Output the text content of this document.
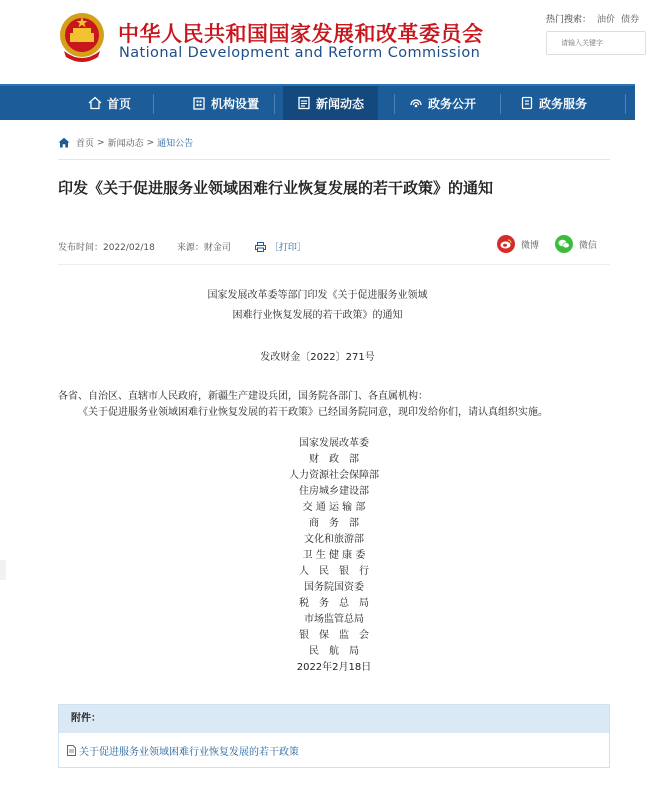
中华人民共和国国家发展和改革委员会
National Development and Reform Commission
热门搜索： 油价 债券
请输入关键字
首页	机构设置	新闻动态	政务公开	政务服务
首页 > 新闻动态 > 通知公告
印发《关于促进服务业领域困难行业恢复发展的若干政策》的通知
发布时间：2022/02/18 来源：财金司	［打印］	微博	微信
国家发展改革委等部门印发《关于促进服务业领域
困难行业恢复发展的若干政策》的通知
发改财金〔2022〕271号
各省、自治区、直辖市人民政府，新疆生产建设兵团，国务院各部门、各直属机构：
《关于促进服务业领域困难行业恢复发展的若干政策》已经国务院同意，现印发给你们，请认真组织实施。
国家发展改革委
财　政　部
人力资源社会保障部
住房城乡建设部
交 通 运 输 部
商　务　部
文化和旅游部
卫 生 健 康 委
人　民　银　行
国务院国资委
税　务　总　局
市场监管总局
银　保　监　会
民　航　局
2022年2月18日
附件：
关于促进服务业领域困难行业恢复发展的若干政策
